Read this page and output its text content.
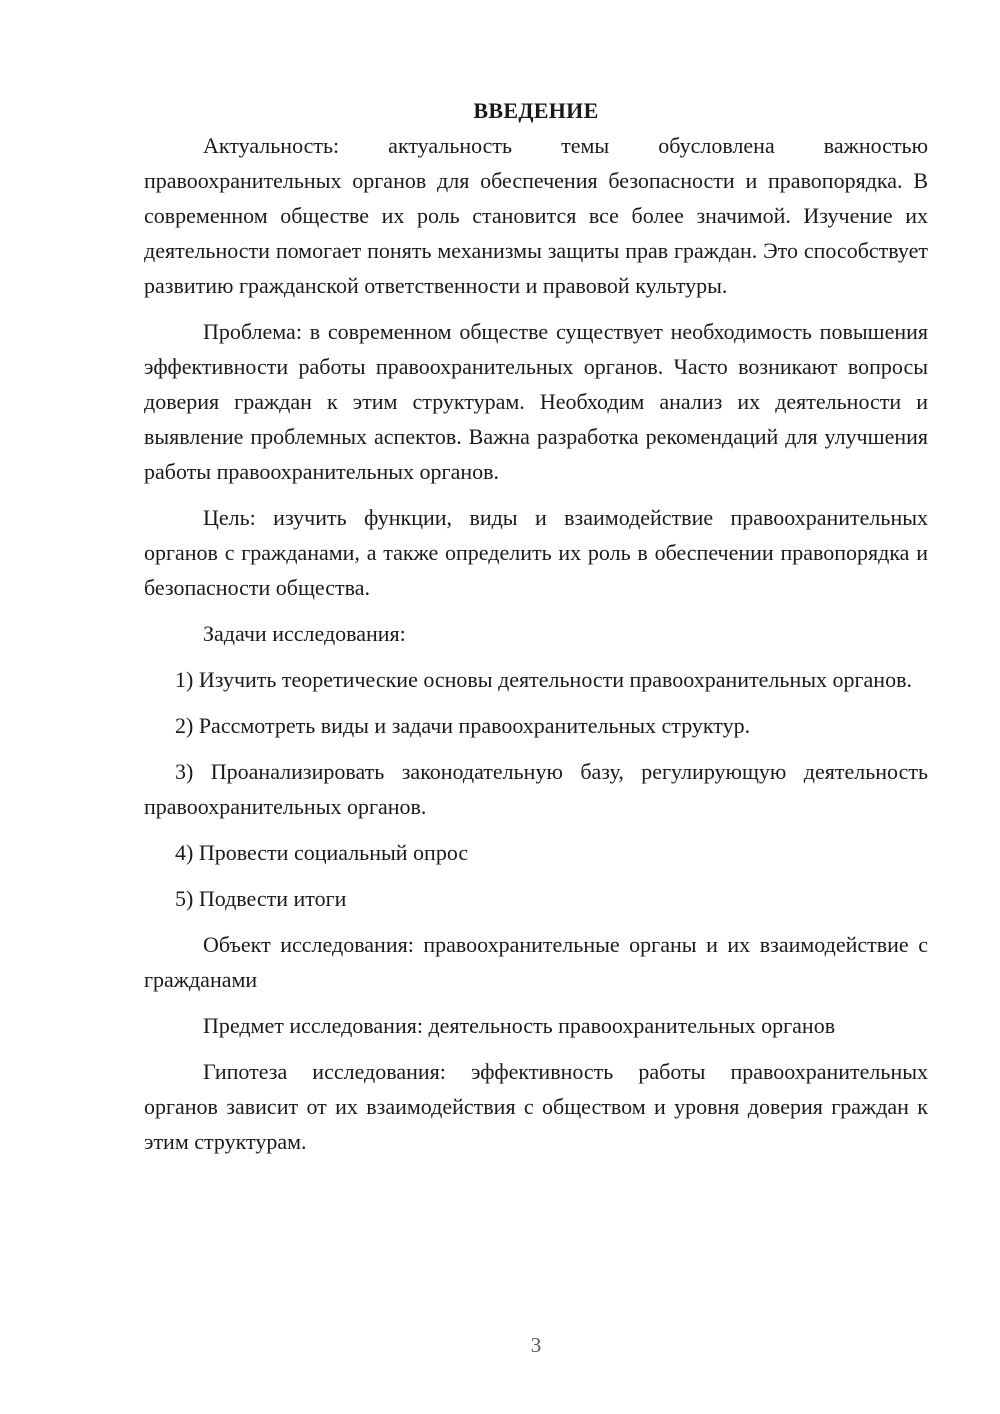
ВВЕДЕНИЕ

Актуальность: актуальность темы обусловлена важностью правоохранительных органов для обеспечения безопасности и правопорядка. В современном обществе их роль становится все более значимой. Изучение их деятельности помогает понять механизмы защиты прав граждан. Это способствует развитию гражданской ответственности и правовой культуры.

Проблема: в современном обществе существует необходимость повышения эффективности работы правоохранительных органов. Часто возникают вопросы доверия граждан к этим структурам. Необходим анализ их деятельности и выявление проблемных аспектов. Важна разработка рекомендаций для улучшения работы правоохранительных органов.

Цель: изучить функции, виды и взаимодействие правоохранительных органов с гражданами, а также определить их роль в обеспечении правопорядка и безопасности общества.

Задачи исследования:

1) Изучить теоретические основы деятельности правоохранительных органов.

2) Рассмотреть виды и задачи правоохранительных структур.

3) Проанализировать законодательную базу, регулирующую деятельность правоохранительных органов.

4) Провести социальный опрос

5) Подвести итоги

Объект исследования: правоохранительные органы и их взаимодействие с гражданами

Предмет исследования: деятельность правоохранительных органов

Гипотеза исследования: эффективность работы правоохранительных органов зависит от их взаимодействия с обществом и уровня доверия граждан к этим структурам.

3
